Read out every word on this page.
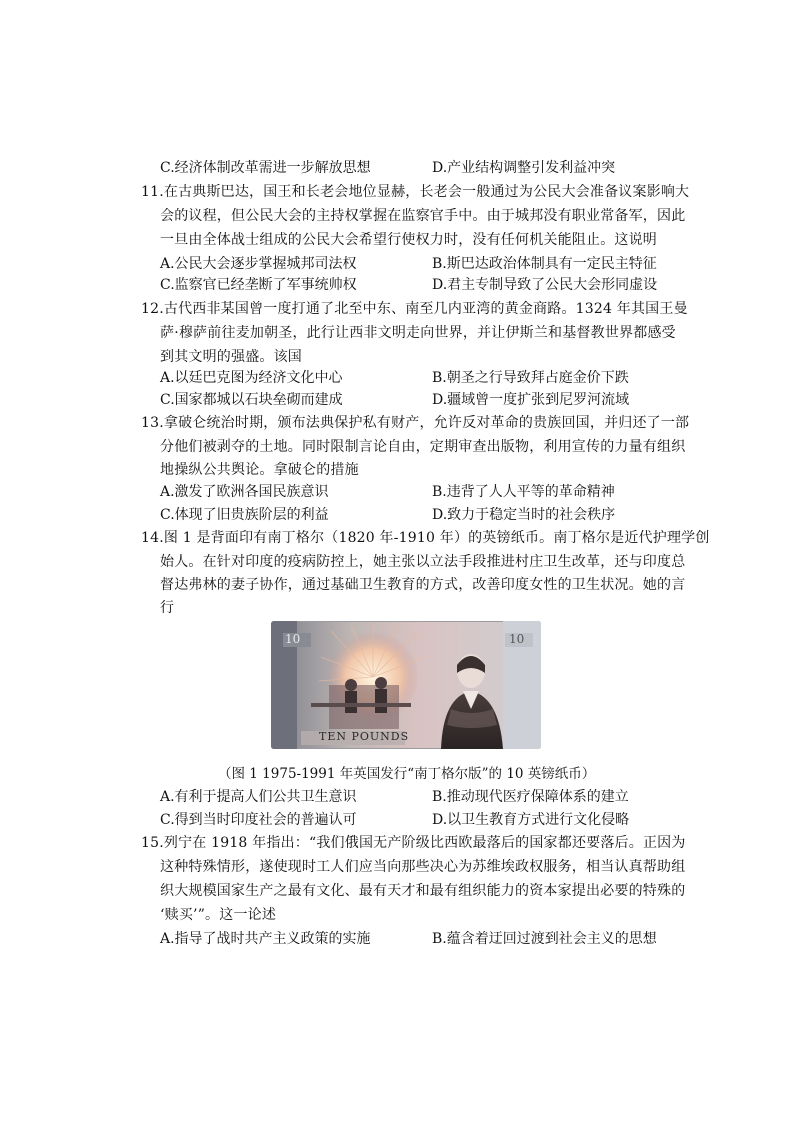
C.经济体制改革需进一步解放思想	D.产业结构调整引发利益冲突
11.在古典斯巴达，国王和长老会地位显赫，长老会一般通过为公民大会准备议案影响大
会的议程，但公民大会的主持权掌握在监察官手中。由于城邦没有职业常备军，因此
一旦由全体战士组成的公民大会希望行使权力时，没有任何机关能阻止。这说明
A.公民大会逐步掌握城邦司法权	B.斯巴达政治体制具有一定民主特征
C.监察官已经垄断了军事统帅权	D.君主专制导致了公民大会形同虚设
12.古代西非某国曾一度打通了北至中东、南至几内亚湾的黄金商路。1324 年其国王曼
萨·穆萨前往麦加朝圣，此行让西非文明走向世界，并让伊斯兰和基督教世界都感受
到其文明的强盛。该国
A.以廷巴克图为经济文化中心	B.朝圣之行导致拜占庭金价下跌
C.国家都城以石块垒砌而建成	D.疆域曾一度扩张到尼罗河流域
13.拿破仑统治时期，颁布法典保护私有财产，允许反对革命的贵族回国，并归还了一部
分他们被剥夺的土地。同时限制言论自由，定期审查出版物，利用宣传的力量有组织
地操纵公共舆论。拿破仑的措施
A.激发了欧洲各国民族意识	B.违背了人人平等的革命精神
C.体现了旧贵族阶层的利益	D.致力于稳定当时的社会秩序
14.图 1 是背面印有南丁格尔（1820 年-1910 年）的英镑纸币。南丁格尔是近代护理学创
始人。在针对印度的疫病防控上，她主张以立法手段推进村庄卫生改革，还与印度总
督达弗林的妻子协作，通过基础卫生教育的方式，改善印度女性的卫生状况。她的言
行
10	10
TEN POUNDS
（图 1 1975-1991 年英国发行“南丁格尔版”的 10 英镑纸币）
A.有利于提高人们公共卫生意识	B.推动现代医疗保障体系的建立
C.得到当时印度社会的普遍认可	D.以卫生教育方式进行文化侵略
15.列宁在 1918 年指出：“我们俄国无产阶级比西欧最落后的国家都还要落后。正因为
这种特殊情形，遂使现时工人们应当向那些决心为苏维埃政权服务，相当认真帮助组
织大规模国家生产之最有文化、最有天才和最有组织能力的资本家提出必要的特殊的
‘赎买’”。这一论述
A.指导了战时共产主义政策的实施	B.蕴含着迂回过渡到社会主义的思想
